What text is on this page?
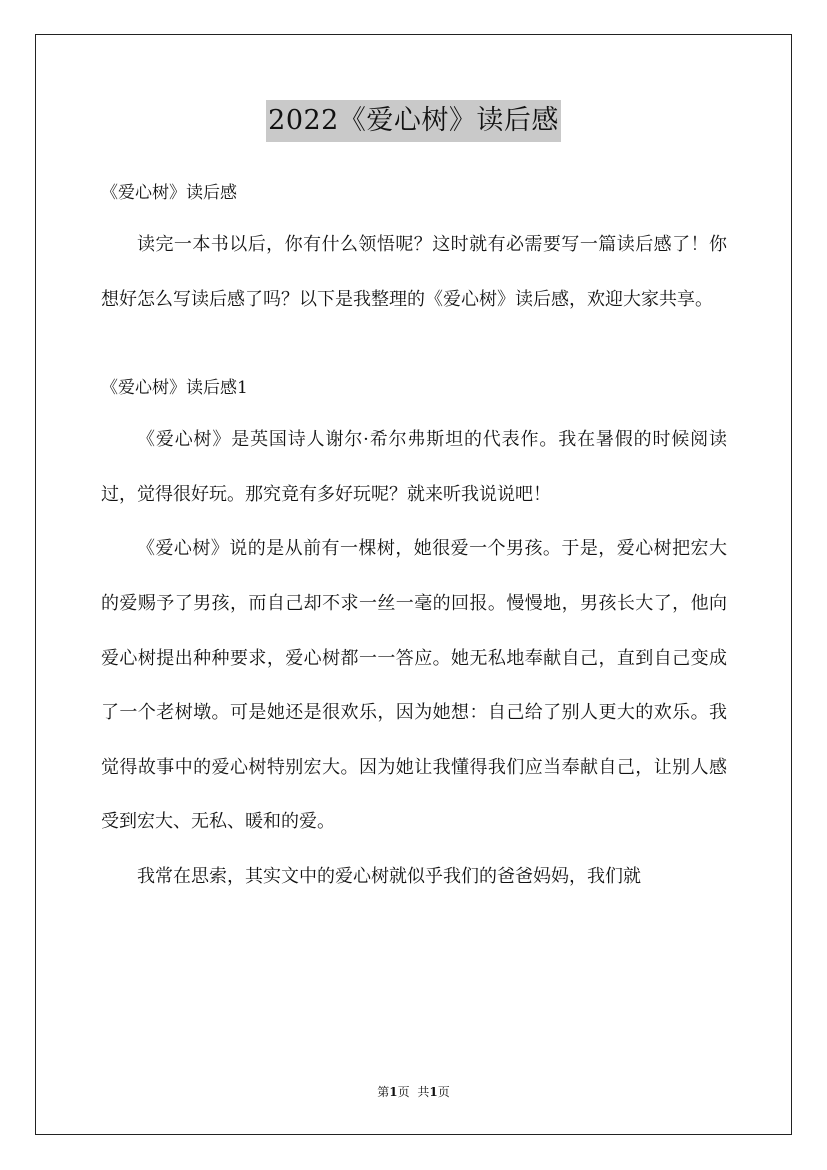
2022《爱心树》读后感

《爱心树》读后感

读完一本书以后，你有什么领悟呢？这时就有必需要写一篇读后感了！你想好怎么写读后感了吗？以下是我整理的《爱心树》读后感，欢迎大家共享。

《爱心树》读后感1

《爱心树》是英国诗人谢尔·希尔弗斯坦的代表作。我在暑假的时候阅读过，觉得很好玩。那究竟有多好玩呢？就来听我说说吧！

《爱心树》说的是从前有一棵树，她很爱一个男孩。于是，爱心树把宏大的爱赐予了男孩，而自己却不求一丝一毫的回报。慢慢地，男孩长大了，他向爱心树提出种种要求，爱心树都一一答应。她无私地奉献自己，直到自己变成了一个老树墩。可是她还是很欢乐，因为她想：自己给了别人更大的欢乐。我觉得故事中的爱心树特别宏大。因为她让我懂得我们应当奉献自己，让别人感受到宏大、无私、暖和的爱。

我常在思索，其实文中的爱心树就似乎我们的爸爸妈妈，我们就

第1页 共1页
